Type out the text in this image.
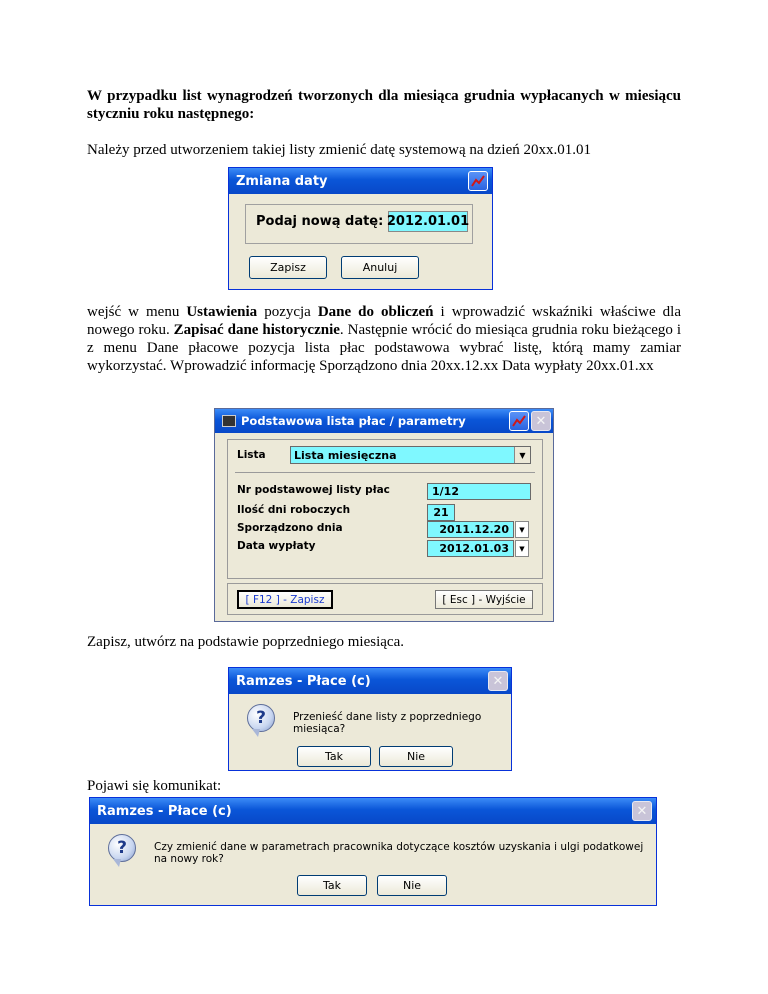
W przypadku list wynagrodzeń tworzonych dla miesiąca grudnia wypłacanych w miesiącu styczniu roku następnego:
Należy przed utworzeniem takiej listy zmienić datę systemową na dzień 20xx.01.01
Zmiana daty
Podaj nową datę: 2012.01.01
Zapisz	Anuluj
wejść w menu Ustawienia pozycja Dane do obliczeń i wprowadzić wskaźniki właściwe dla nowego roku. Zapisać dane historycznie. Następnie wrócić do miesiąca grudnia roku bieżącego i z menu Dane płacowe pozycja lista płac podstawowa wybrać listę, którą mamy zamiar wykorzystać. Wprowadzić informację Sporządzono dnia 20xx.12.xx Data wypłaty 20xx.01.xx
Podstawowa lista płac / parametry	✕
Lista	Lista miesięczna	▼
Nr podstawowej listy płac	1/12
Ilość dni roboczych	21
Sporządzono dnia	2011.12.20	▼
Data wypłaty	2012.01.03	▼
[ F12 ] - Zapisz	[ Esc ] - Wyjście
Zapisz, utwórz na podstawie poprzedniego miesiąca.
Ramzes - Płace (c)	✕
?	Przenieść dane listy z poprzedniego miesiąca?
Tak	Nie
Pojawi się komunikat:
Ramzes - Płace (c)	✕
?	Czy zmienić dane w parametrach pracownika dotyczące kosztów uzyskania i ulgi podatkowej na nowy rok?
Tak	Nie
